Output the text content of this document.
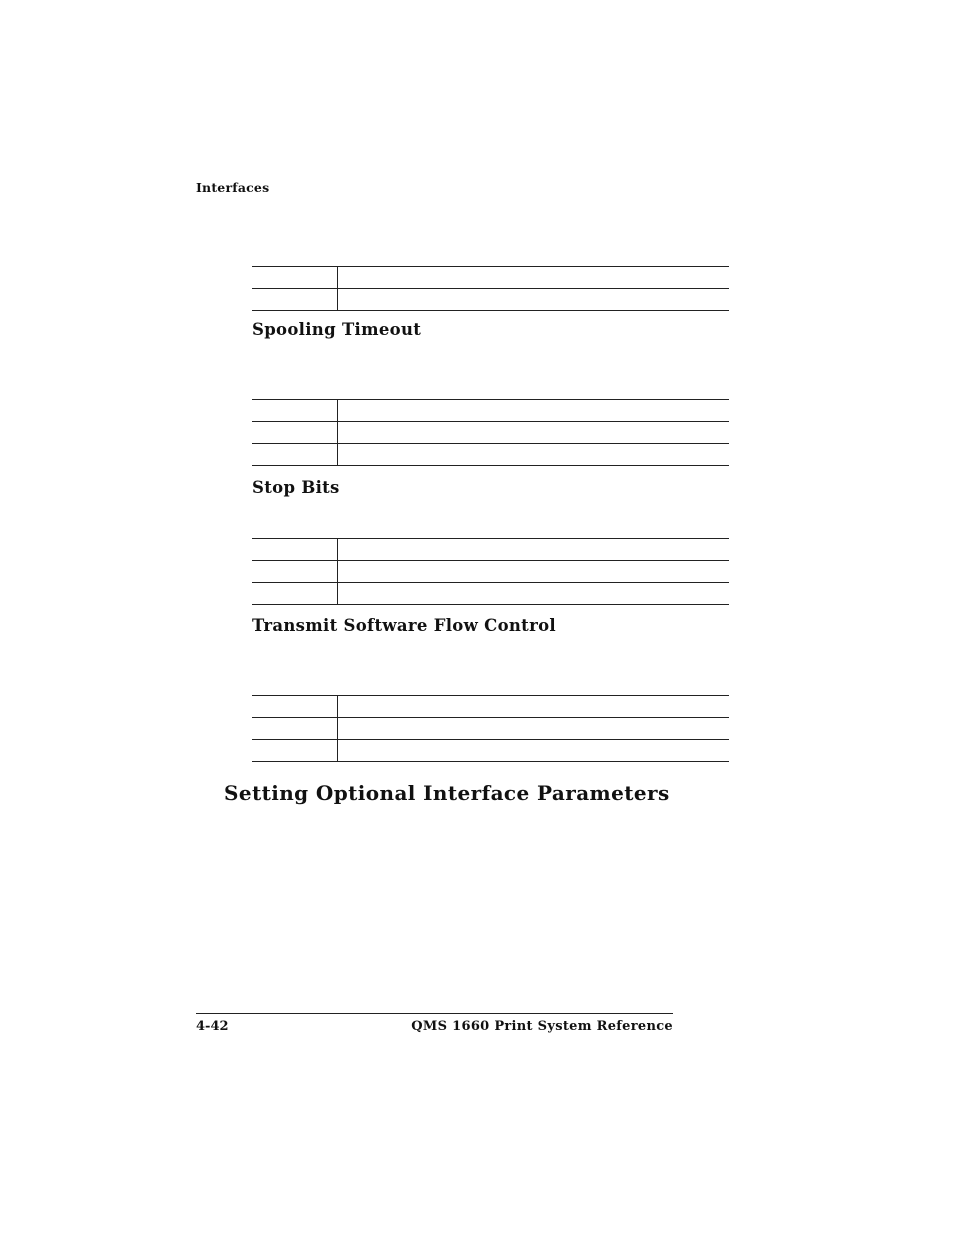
Interfaces
Spooling Timeout
Stop Bits
Transmit Software Flow Control
Setting Optional Interface Parameters
4-42	QMS 1660 Print System Reference
